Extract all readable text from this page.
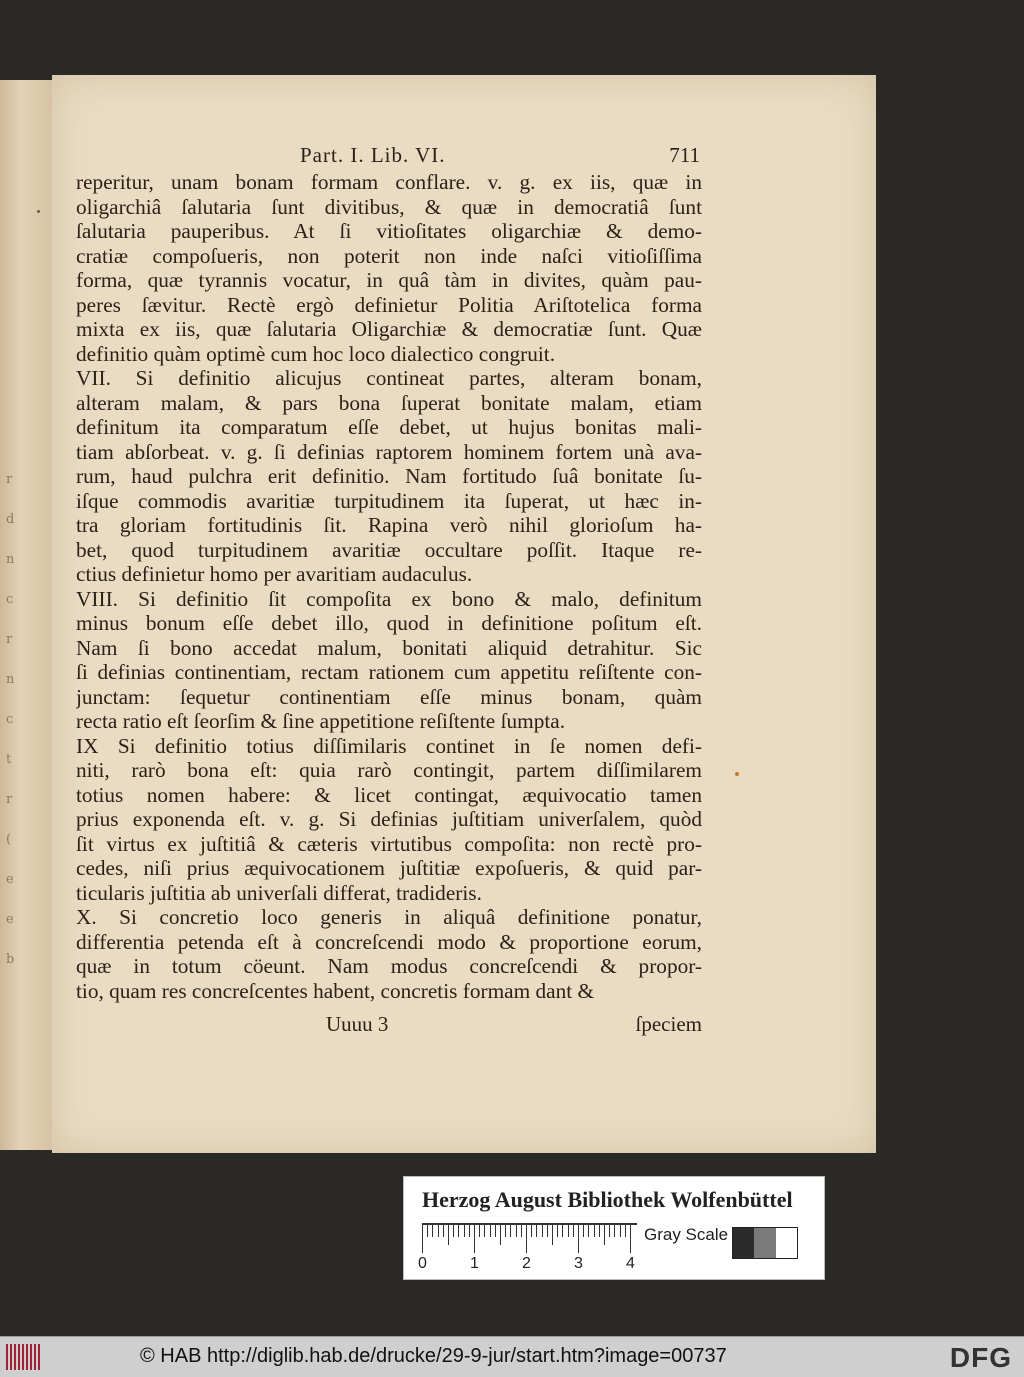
r
d
n
c
r
n
c
t
r
(
e
e
b
Part. I. Lib. VI.	711
reperitur, unam bonam formam conflare. v. g. ex iis, quæ in
oligarchiâ ſalutaria ſunt divitibus, & quæ in democratiâ ſunt
ſalutaria pauperibus. At ſi vitioſitates oligarchiæ & demo-
cratiæ compoſueris, non poterit non inde naſci vitioſiſſima
forma, quæ tyrannis vocatur, in quâ tàm in divites, quàm pau-
peres ſævitur. Rectè ergò definietur Politia Ariſtotelica forma
mixta ex iis, quæ ſalutaria Oligarchiæ & democratiæ ſunt. Quæ
definitio quàm optimè cum hoc loco dialectico congruit.
VII. Si definitio alicujus contineat partes, alteram bonam,
alteram malam, & pars bona ſuperat bonitate malam, etiam
definitum ita comparatum eſſe debet, ut hujus bonitas mali-
tiam abſorbeat. v. g. ſi definias raptorem hominem fortem unà ava-
rum, haud pulchra erit definitio. Nam fortitudo ſuâ bonitate ſu-
iſque commodis avaritiæ turpitudinem ita ſuperat, ut hæc in-
tra gloriam fortitudinis ſit. Rapina verò nihil glorioſum ha-
bet, quod turpitudinem avaritiæ occultare poſſit. Itaque re-
ctius definietur homo per avaritiam audaculus.
VIII. Si definitio ſit compoſita ex bono & malo, definitum
minus bonum eſſe debet illo, quod in definitione poſitum eſt.
Nam ſi bono accedat malum, bonitati aliquid detrahitur. Sic
ſi definias continentiam, rectam rationem cum appetitu reſiſtente con-
junctam: ſequetur continentiam eſſe minus bonam, quàm
recta ratio eſt ſeorſim & ſine appetitione reſiſtente ſumpta.
IX Si definitio totius diſſimilaris continet in ſe nomen defi-
niti, rarò bona eſt: quia rarò contingit, partem diſſimilarem
totius nomen habere: & licet contingat, æquivocatio tamen
prius exponenda eſt. v. g. Si definias juſtitiam univerſalem, quòd
ſit virtus ex juſtitiâ & cæteris virtutibus compoſita: non rectè pro-
cedes, niſi prius æquivocationem juſtitiæ expoſueris, & quid par-
ticularis juſtitia ab univerſali differat, tradideris.
X. Si concretio loco generis in aliquâ definitione ponatur,
differentia petenda eſt à concreſcendi modo & proportione eorum,
quæ in totum cöeunt. Nam modus concreſcendi & propor-
tio, quam res concreſcentes habent, concretis formam dant &
Uuuu 3	ſpeciem
Herzog August Bibliothek Wolfenbüttel
0	1	2	3	4
Gray Scale
© HAB http://diglib.hab.de/drucke/29-9-jur/start.htm?image=00737	DFG
